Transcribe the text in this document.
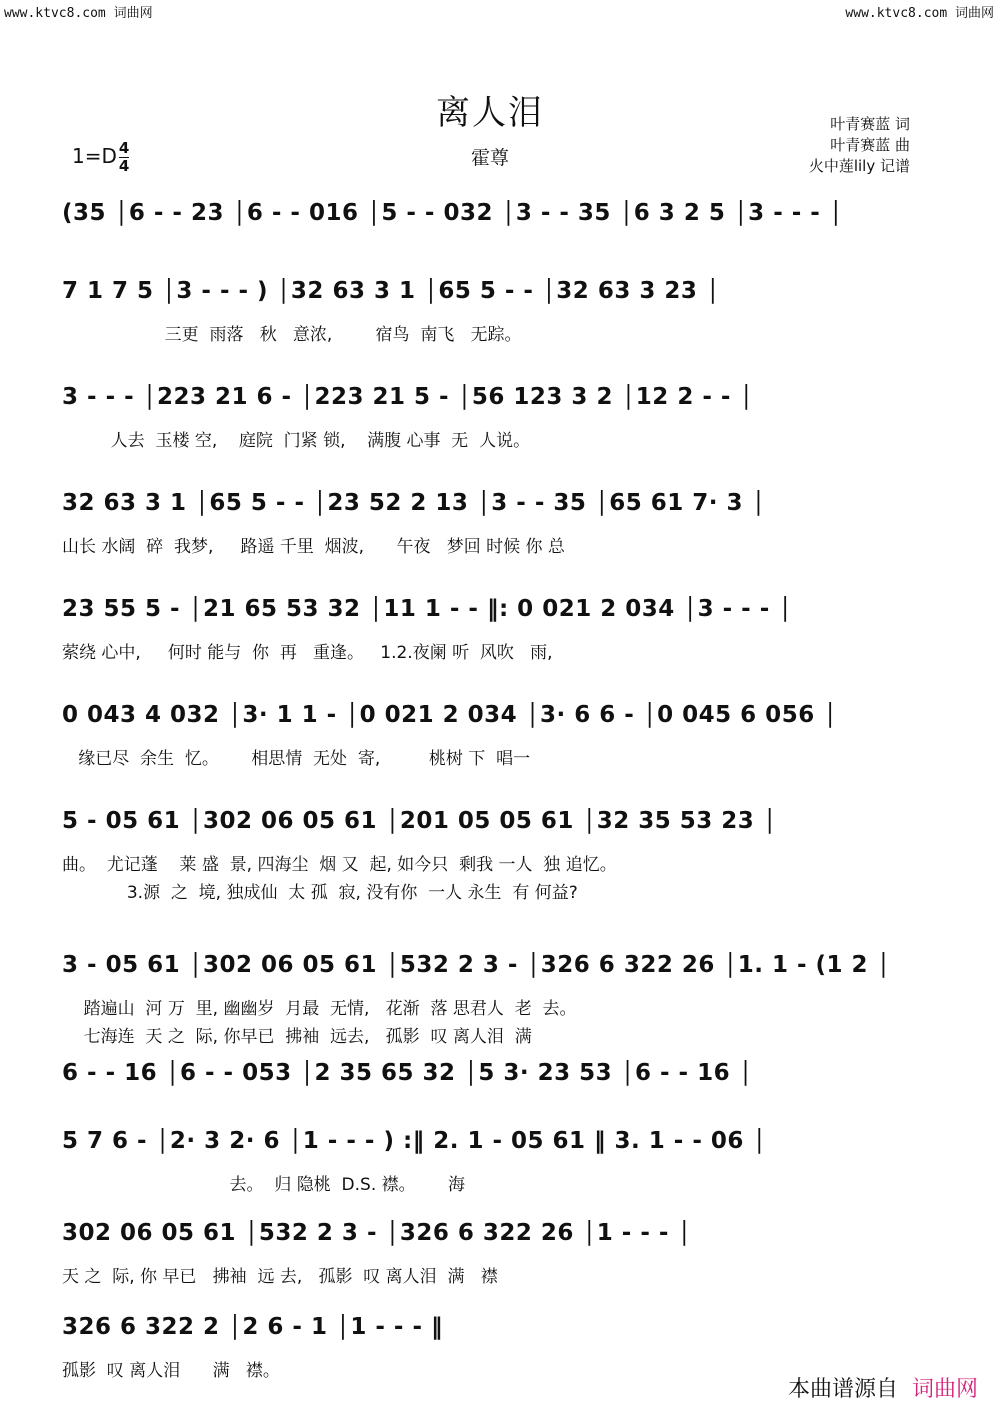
www.ktvc8.com 词曲网	www.ktvc8.com 词曲网
离人泪
$1=D \frac{4}{4}$	霍尊
叶青赛蓝 词
叶青赛蓝 曲
火中莲lily 记谱
(35 │6 - - 23 │6 - - 016 │5 - - 032 │3 - - 35 │6 3 2 5 │3 - - - │
7 1 7 5 │3 - - - ) │32 63 3 1 │65 5 - - │32 63 3 23 │
三更  雨落   秋   意浓,        宿鸟  南飞   无踪。
3 - - - │223 21 6 - │223 21 5 - │56 123 3 2 │12 2 - - │
人去  玉楼 空,    庭院  门紧 锁,    满腹 心事  无  人说。
32 63 3 1 │65 5 - - │23 52 2 13 │3 - - 35 │65 61 7· 3 │
山长 水阔  碎  我梦,     路遥 千里  烟波,      午夜   梦回 时候 你 总
23 55 5 - │21 65 53 32 │11 1 - - ‖: 0 021 2 034 │3 - - - │
萦绕 心中,     何时 能与  你  再   重逢。   1.2.夜阑 听  风吹   雨,
0 043 4 032 │3· 1 1 - │0 021 2 034 │3· 6 6 - │0 045 6 056 │
缘已尽  余生  忆。      相思情  无处  寄,         桃树 下  唱一
5 - 05 61 │302 06 05 61 │201 05 05 61 │32 35 53 23 │
曲。  尤记蓬    莱 盛  景, 四海尘  烟 又  起, 如今只  剩我 一人  独 追忆。
3.源  之  境, 独成仙  太 孤  寂, 没有你  一人 永生  有 何益?
3 - 05 61 │302 06 05 61 │532 2 3 - │326 6 322 26 │1. 1 - (1 2 │
踏遍山  河 万  里, 幽幽岁  月最  无情,   花渐  落 思君人  老  去。
七海连  天 之  际, 你早已  拂袖  远去,   孤影  叹 离人泪  满
6 - - 16 │6 - - 053 │2 35 65 32 │5 3· 23 53 │6 - - 16 │
5 7 6 - │2· 3 2· 6 │1 - - - ) :‖ 2. 1 - 05 61 ‖ 3. 1 - - 06 │
去。  归 隐桃  D.S. 襟。      海
302 06 05 61 │532 2 3 - │326 6 322 26 │1 - - - │
天 之  际, 你 早已   拂袖  远 去,   孤影  叹 离人泪  满   襟
326 6 322 2 │2 6 - 1 │1 - - - ‖
孤影  叹 离人泪      满   襟。
本曲谱源自 词曲网
